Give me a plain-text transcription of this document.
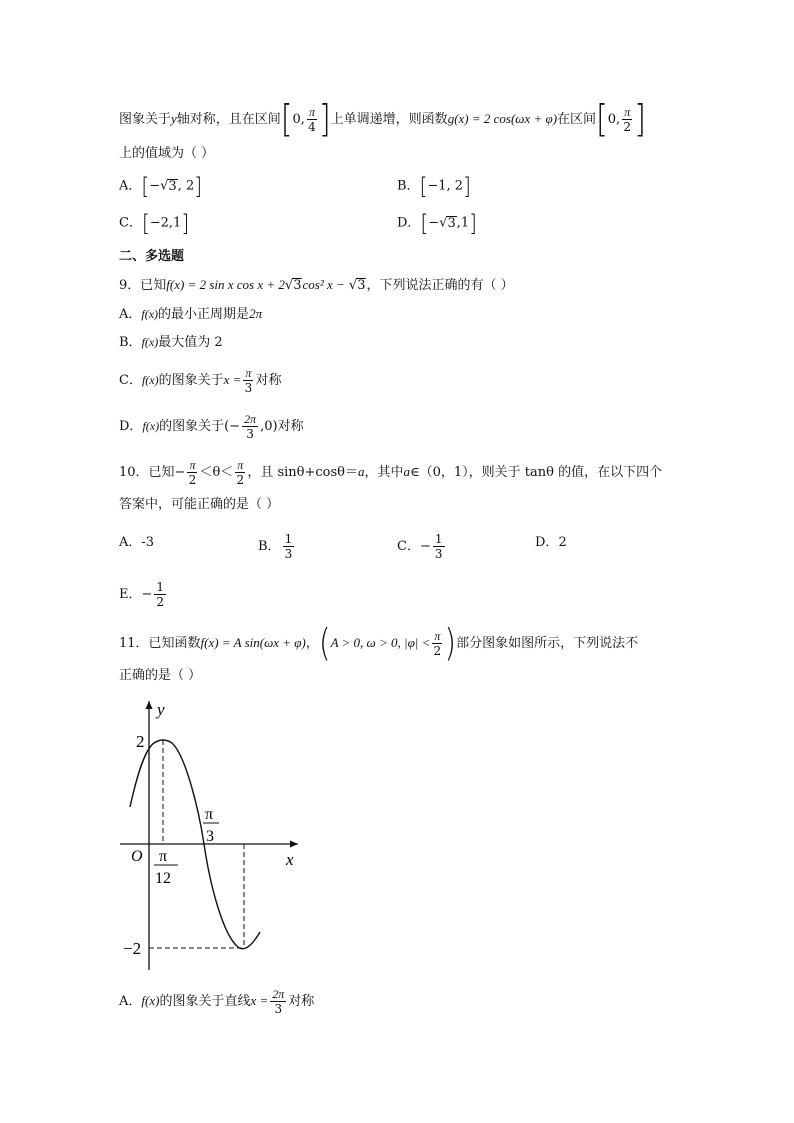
图象关于y轴对称，且在区间[0, $\frac{\pi}{4}$ ]上单调递增，则函数g(x) = 2 cos(ωx + φ)在区间[0, $\frac{\pi}{2}$ ]
上的值域为（ ）
A．[−√3, 2]	B．[−1, 2]
C．[−2,1]	D．[−√3,1]
二、多选题
9．已知f(x) = 2 sin x cos x + 2√3cos² x − √3，下列说法正确的有（ ）
A．f(x)的最小正周期是2π
B．f(x)最大值为 2
C．f(x)的图象关于$x = \frac{\pi}{3}$ 对称
D．f(x)的图象关于(− $\frac{2\pi}{3} ,0$)对称
10．已知− $\frac{\pi}{2} <\theta< \frac{\pi}{2}$ ，且 sinθ+cosθ＝a，其中a∈（0，1），则关于 tanθ 的值，在以下四个
答案中，可能正确的是（ ）
A．-3	B． $\frac{1}{3}$	C．− $\frac{1}{3}$	D．2
E．− $\frac{1}{2}$
11．已知函数f(x) = A sin(ωx + φ)，(A > 0, ω > 0, $|\varphi| < \frac{\pi}{2}$ )部分图象如图所示，下列说法不
正确的是（ ）
y
x
O
2
−2
π
12
π
3
A．f(x)的图象关于直线$x = \frac{2\pi}{3}$ 对称
